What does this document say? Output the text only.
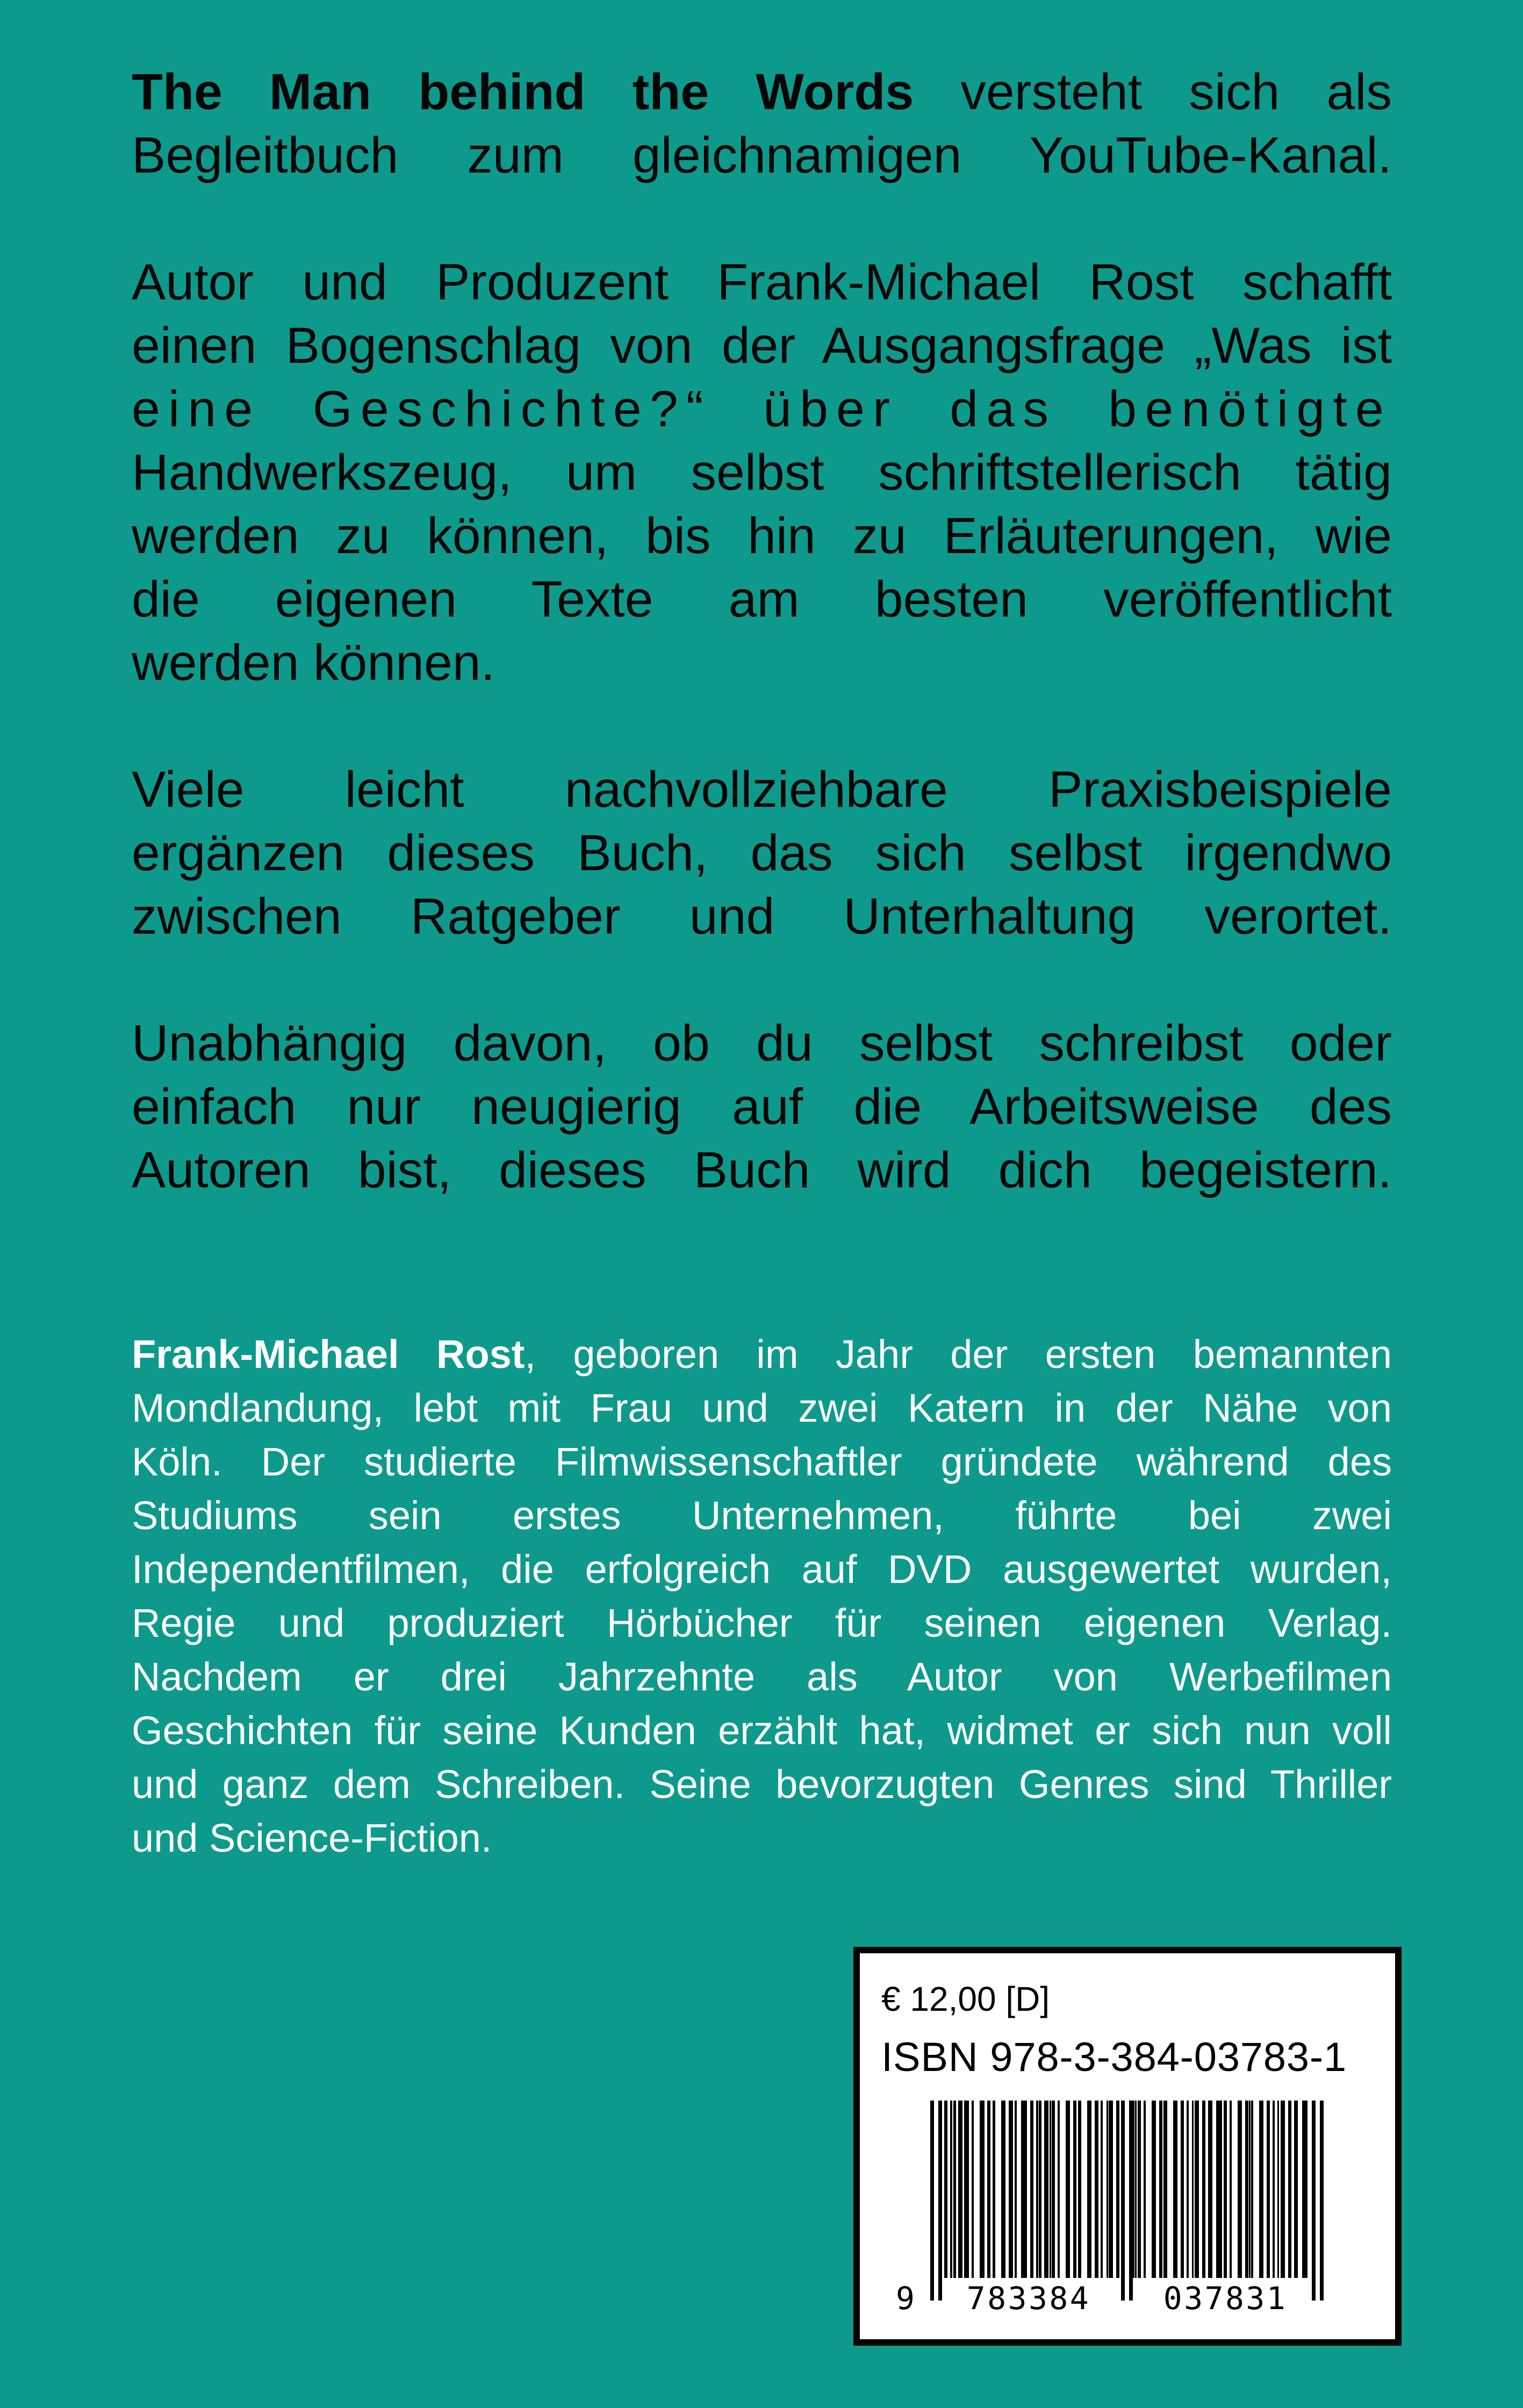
The Man behind the Words versteht sich als
Begleitbuch zum gleichnamigen YouTube-Kanal.
Autor und Produzent Frank-Michael Rost schafft
einen Bogenschlag von der Ausgangsfrage „Was ist
eine Geschichte?“ über das benötigte
Handwerkszeug, um selbst schriftstellerisch tätig
werden zu können, bis hin zu Erläuterungen, wie
die eigenen Texte am besten veröffentlicht
werden können.
Viele leicht nachvollziehbare Praxisbeispiele
ergänzen dieses Buch, das sich selbst irgendwo
zwischen Ratgeber und Unterhaltung verortet.
Unabhängig davon, ob du selbst schreibst oder
einfach nur neugierig auf die Arbeitsweise des
Autoren bist, dieses Buch wird dich begeistern.
Frank-Michael Rost, geboren im Jahr der ersten bemannten
Mondlandung, lebt mit Frau und zwei Katern in der Nähe von
Köln. Der studierte Filmwissenschaftler gründete während des
Studiums sein erstes Unternehmen, führte bei zwei
Independentfilmen, die erfolgreich auf DVD ausgewertet wurden,
Regie und produziert Hörbücher für seinen eigenen Verlag.
Nachdem er drei Jahrzehnte als Autor von Werbefilmen
Geschichten für seine Kunden erzählt hat, widmet er sich nun voll
und ganz dem Schreiben. Seine bevorzugten Genres sind Thriller
und Science-Fiction.
€ 12,00 [D]
ISBN 978-3-384-03783-1
9	783384	037831
